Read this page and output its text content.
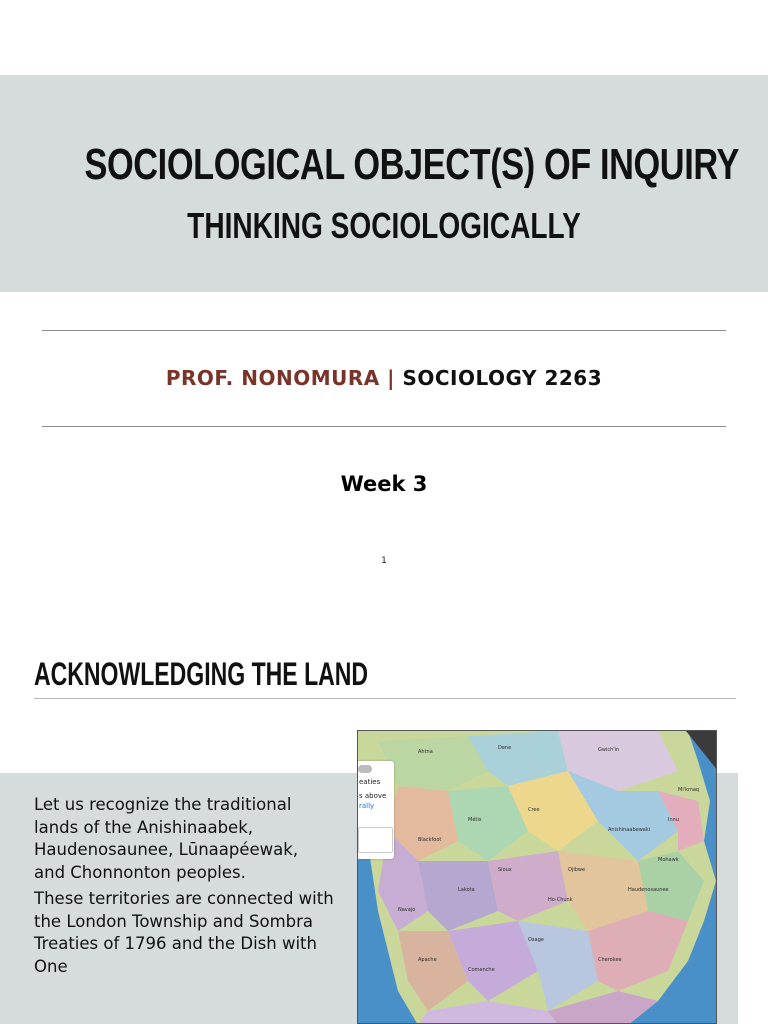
SOCIOLOGICAL OBJECT(S) OF INQUIRY
THINKING SOCIOLOGICALLY
PROF. NONOMURA | SOCIOLOGY 2263
Week 3
1
ACKNOWLEDGING THE LAND

Let us recognize the traditional lands of the Anishinaabek, Haudenosaunee, Lūnaapéewak, and Chonnonton peoples.

These territories are connected with the London Township and Sombra Treaties of 1796 and the Dish with One

Ahtna
Dene	Gwich'in
Cree
Anishinaabewaki
Haudenosaunee
Mohawk
Innu
Métis
Blackfoot
Lakota
Osage
Cherokee
Apache
Navajo
Comanche
Ojibwe
Ho-Chunk
Mi'kmaq
Sioux
eaties
s above
rally
